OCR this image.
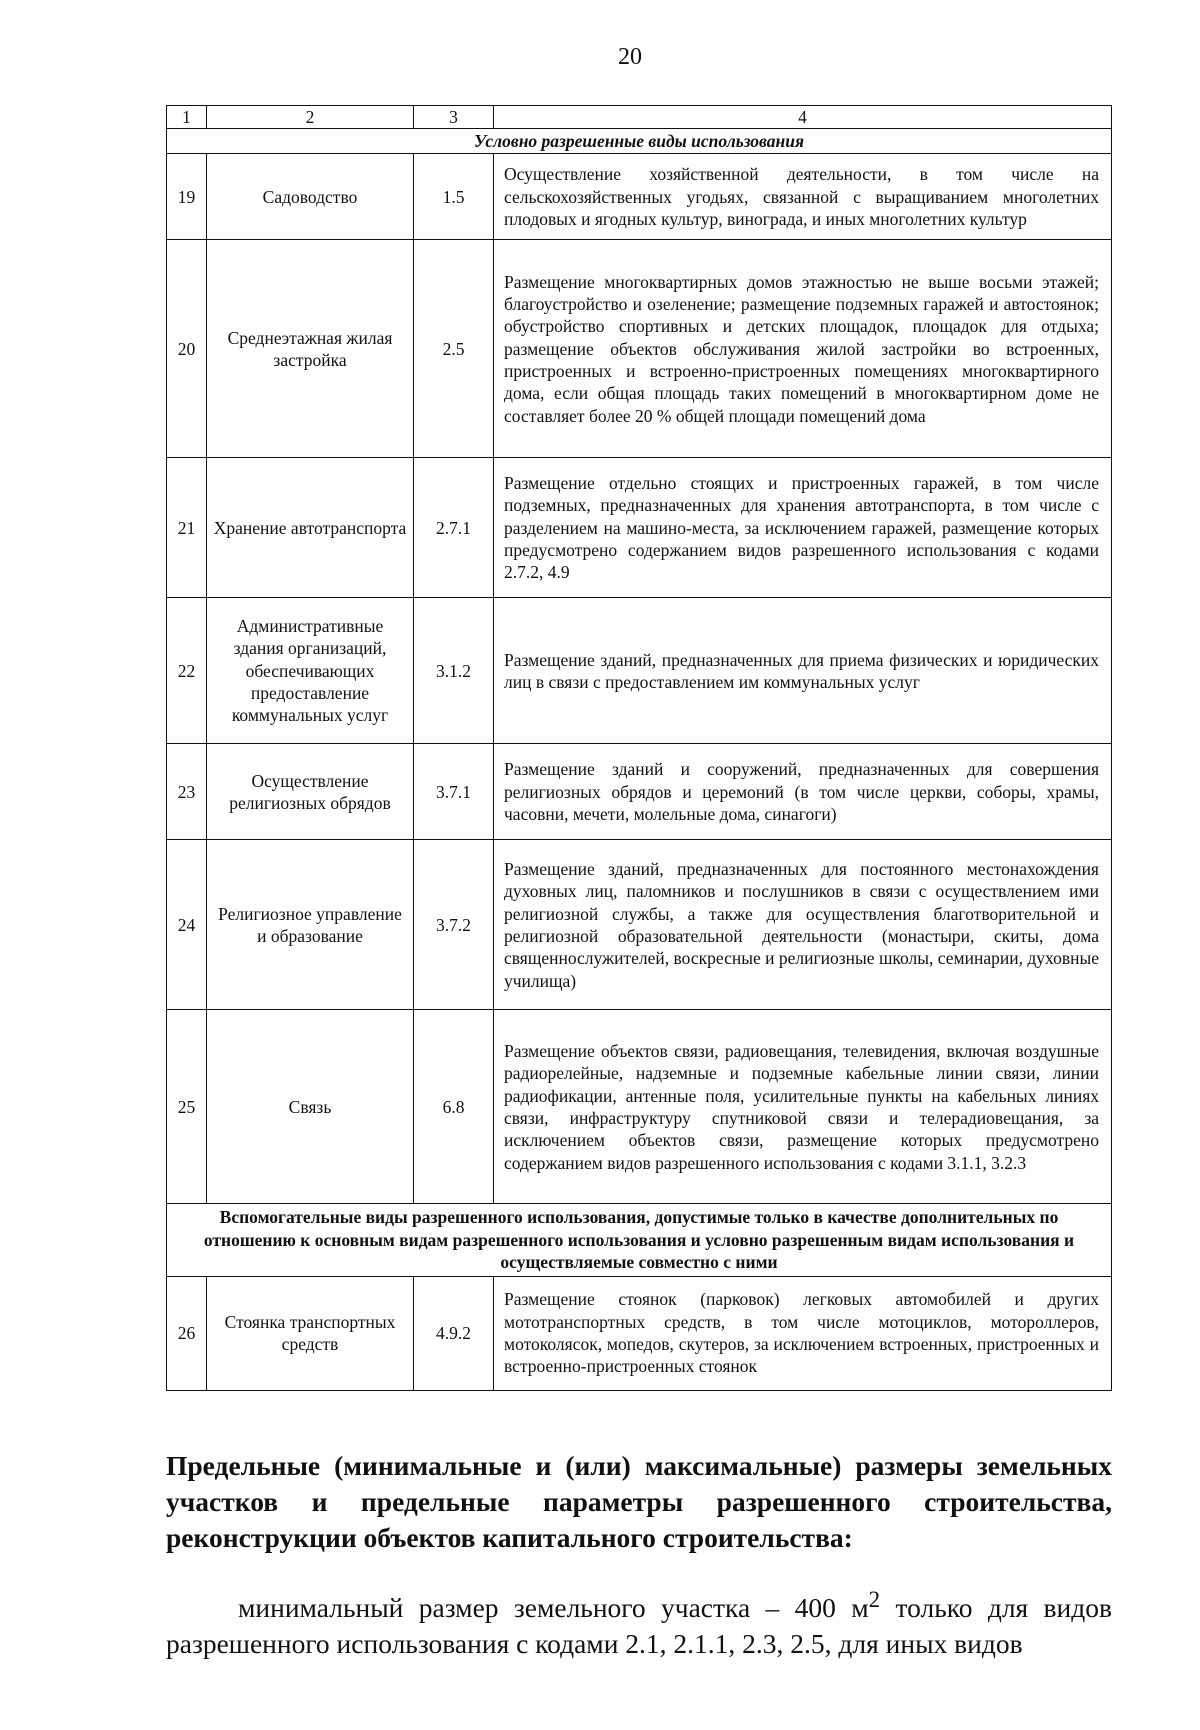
20
1	2	3	4
Условно разрешенные виды использования			
19	Садоводство	1.5	Осуществление хозяйственной деятельности, в том числе на сельскохозяйственных угодьях, связанной с выращиванием многолетних плодовых и ягодных культур, винограда, и иных многолетних культур
20	Среднеэтажная жилая застройка	2.5	Размещение многоквартирных домов этажностью не выше восьми этажей; благоустройство и озеленение; размещение подземных гаражей и автостоянок; обустройство спортивных и детских площадок, площадок для отдыха; размещение объектов обслуживания жилой застройки во встроенных, пристроенных и встроенно-пристроенных помещениях многоквартирного дома, если общая площадь таких помещений в многоквартирном доме не составляет более 20 % общей площади помещений дома
21	Хранение автотранспорта	2.7.1	Размещение отдельно стоящих и пристроенных гаражей, в том числе подземных, предназначенных для хранения автотранспорта, в том числе с разделением на машино-места, за исключением гаражей, размещение которых предусмотрено содержанием видов разрешенного использования с кодами 2.7.2, 4.9
22	Административные здания организаций, обеспечивающих предоставление коммунальных услуг	3.1.2	Размещение зданий, предназначенных для приема физических и юридических лиц в связи с предоставлением им коммунальных услуг
23	Осуществление религиозных обрядов	3.7.1	Размещение зданий и сооружений, предназначенных для совершения религиозных обрядов и церемоний (в том числе церкви, соборы, храмы, часовни, мечети, молельные дома, синагоги)
24	Религиозное управление и образование	3.7.2	Размещение зданий, предназначенных для постоянного местонахождения духовных лиц, паломников и послушников в связи с осуществлением ими религиозной службы, а также для осуществления благотворительной и религиозной образовательной деятельности (монастыри, скиты, дома священнослужителей, воскресные и религиозные школы, семинарии, духовные училища)
25	Связь	6.8	Размещение объектов связи, радиовещания, телевидения, включая воздушные радиорелейные, надземные и подземные кабельные линии связи, линии радиофикации, антенные поля, усилительные пункты на кабельных линиях связи, инфраструктуру спутниковой связи и телерадиовещания, за исключением объектов связи, размещение которых предусмотрено содержанием видов разрешенного использования с кодами 3.1.1, 3.2.3
Вспомогательные виды разрешенного использования, допустимые только в качестве дополнительных по отношению к основным видам разрешенного использования и условно разрешенным видам использования и осуществляемые совместно с ними			
26	Стоянка транспортных средств	4.9.2	Размещение стоянок (парковок) легковых автомобилей и других мототранспортных средств, в том числе мотоциклов, мотороллеров, мотоколясок, мопедов, скутеров, за исключением встроенных, пристроенных и встроенно-пристроенных стоянок
Предельные (минимальные и (или) максимальные) размеры земельных участков и предельные параметры разрешенного строительства, реконструкции объектов капитального строительства:
минимальный размер земельного участка – 400 $м^2$ только для видов разрешенного использования с кодами 2.1, 2.1.1, 2.3, 2.5, для иных видов
